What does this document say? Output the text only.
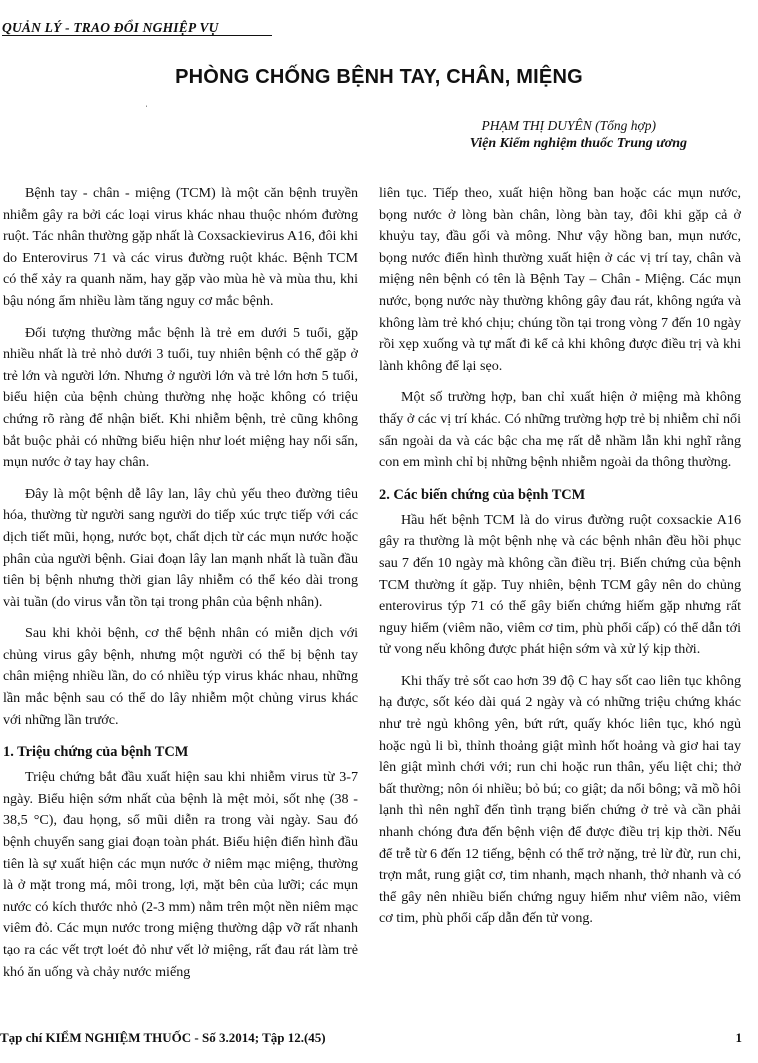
QUẢN LÝ - TRAO ĐỔI NGHIỆP VỤ
PHÒNG CHỐNG BỆNH TAY, CHÂN, MIỆNG
ˌ
PHẠM THỊ DUYÊN (Tổng hợp)
Viện Kiểm nghiệm thuốc Trung ương

Bệnh tay - chân - miệng (TCM) là một căn bệnh truyền nhiễm gây ra bởi các loại virus khác nhau thuộc nhóm đường ruột. Tác nhân thường gặp nhất là Coxsackievirus A16, đôi khi do Enterovirus 71 và các virus đường ruột khác. Bệnh TCM có thể xảy ra quanh năm, hay gặp vào mùa hè và mùa thu, khi bậu nóng ẩm nhiều làm tăng nguy cơ mắc bệnh.

Đối tượng thường mắc bệnh là trẻ em dưới 5 tuổi, gặp nhiều nhất là trẻ nhỏ dưới 3 tuổi, tuy nhiên bệnh có thể gặp ở trẻ lớn và người lớn. Nhưng ở người lớn và trẻ lớn hơn 5 tuổi, biểu hiện của bệnh chủng thường nhẹ hoặc không có triệu chứng rõ ràng để nhận biết. Khi nhiễm bệnh, trẻ cũng không bắt buộc phải có những biểu hiện như loét miệng hay nổi sẩn, mụn nước ở tay hay chân.

Đây là một bệnh dễ lây lan, lây chủ yếu theo đường tiêu hóa, thường từ người sang người do tiếp xúc trực tiếp với các dịch tiết mũi, họng, nước bọt, chất dịch từ các mụn nước hoặc phân của người bệnh. Giai đoạn lây lan mạnh nhất là tuần đầu tiên bị bệnh nhưng thời gian lây nhiễm có thể kéo dài trong vài tuần (do virus vẫn tồn tại trong phân của bệnh nhân).

Sau khi khỏi bệnh, cơ thể bệnh nhân có miễn dịch với chủng virus gây bệnh, nhưng một người có thể bị bệnh tay chân miệng nhiều lần, do có nhiều týp virus khác nhau, những lần mắc bệnh sau có thể do lây nhiễm một chủng virus khác với những lần trước.

1. Triệu chứng của bệnh TCM

Triệu chứng bắt đầu xuất hiện sau khi nhiễm virus từ 3-7 ngày. Biểu hiện sớm nhất của bệnh là mệt mỏi, sốt nhẹ (38 - 38,5 °C), đau họng, sổ mũi diễn ra trong vài ngày. Sau đó bệnh chuyển sang giai đoạn toàn phát. Biểu hiện điển hình đầu tiên là sự xuất hiện các mụn nước ở niêm mạc miệng, thường là ở mặt trong má, môi trong, lợi, mặt bên của lưỡi; các mụn nước có kích thước nhỏ (2-3 mm) nằm trên một nền niêm mạc viêm đỏ. Các mụn nước trong miệng thường dập vỡ rất nhanh tạo ra các vết trợt loét đỏ như vết lở miệng, rất đau rát làm trẻ khó ăn uống và chảy nước miếng

liên tục. Tiếp theo, xuất hiện hồng ban hoặc các mụn nước, bọng nước ở lòng bàn chân, lòng bàn tay, đôi khi gặp cả ở khuỷu tay, đầu gối và mông. Như vậy hồng ban, mụn nước, bọng nước điển hình thường xuất hiện ở các vị trí tay, chân và miệng nên bệnh có tên là Bệnh Tay – Chân - Miệng. Các mụn nước, bọng nước này thường không gây đau rát, không ngứa và không làm trẻ khó chịu; chúng tồn tại trong vòng 7 đến 10 ngày rồi xẹp xuống và tự mất đi kể cả khi không được điều trị và khi lành không để lại sẹo.

Một số trường hợp, ban chỉ xuất hiện ở miệng mà không thấy ở các vị trí khác. Có những trường hợp trẻ bị nhiễm chỉ nổi sẩn ngoài da và các bậc cha mẹ rất dễ nhầm lẫn khi nghĩ rằng con em mình chỉ bị những bệnh nhiễm ngoài da thông thường.

2. Các biến chứng của bệnh TCM

Hầu hết bệnh TCM là do virus đường ruột coxsackie A16 gây ra thường là một bệnh nhẹ và các bệnh nhân đều hồi phục sau 7 đến 10 ngày mà không cần điều trị. Biến chứng của bệnh TCM thường ít gặp. Tuy nhiên, bệnh TCM gây nên do chủng enterovirus týp 71 có thể gây biến chứng hiếm gặp nhưng rất nguy hiểm (viêm não, viêm cơ tim, phù phổi cấp) có thể dẫn tới tử vong nếu không được phát hiện sớm và xử lý kịp thời.

Khi thấy trẻ sốt cao hơn 39 độ C hay sốt cao liên tục không hạ được, sốt kéo dài quá 2 ngày và có những triệu chứng khác như trẻ ngủ không yên, bứt rứt, quấy khóc liên tục, khó ngủ hoặc ngủ li bì, thỉnh thoảng giật mình hốt hoảng và giơ hai tay lên giật mình chới với; run chi hoặc run thân, yếu liệt chi; thở bất thường; nôn ói nhiều; bỏ bú; co giật; da nổi bông; vã mồ hôi lạnh thì nên nghĩ đến tình trạng biến chứng ở trẻ và cần phải nhanh chóng đưa đến bệnh viện để được điều trị kịp thời. Nếu để trễ từ 6 đến 12 tiếng, bệnh có thể trở nặng, trẻ lừ đừ, run chi, trợn mắt, rung giật cơ, tim nhanh, mạch nhanh, thở nhanh và có thể gây nên nhiều biến chứng nguy hiểm như viêm não, viêm cơ tim, phù phổi cấp dẫn đến tử vong.

Tạp chí KIỂM NGHIỆM THUỐC - Số 3.2014; Tập 12.(45)	1
